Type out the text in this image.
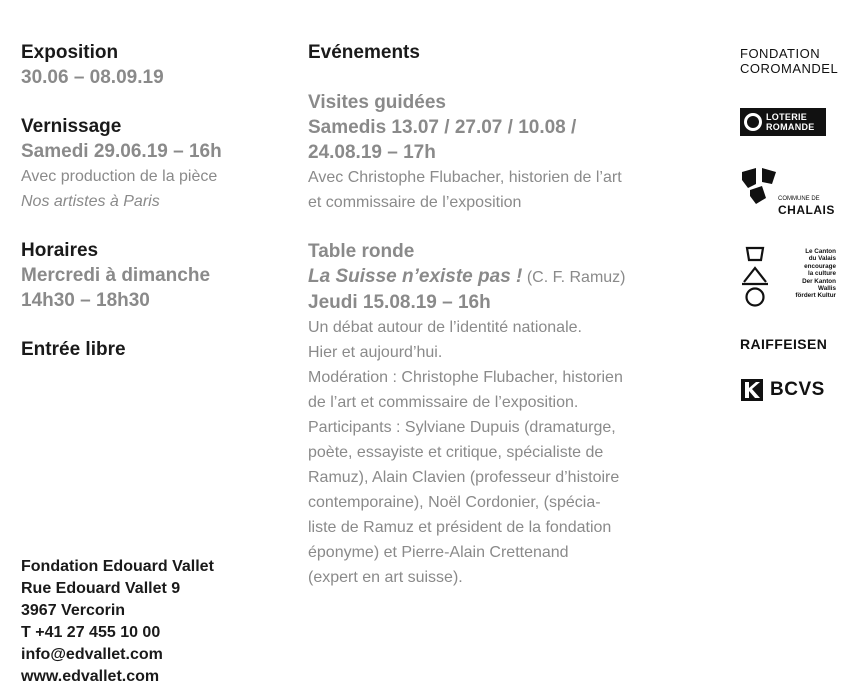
Exposition

30.06 – 08.09.19

Vernissage

Samedi 29.06.19 – 16h

Avec production de la pièce

Nos artistes à Paris

Horaires

Mercredi à dimanche

14h30 – 18h30

Entrée libre

Fondation Edouard Vallet
Rue Edouard Vallet 9
3967 Vercorin
T +41 27 455 10 00
info@edvallet.com
www.edvallet.com

Evénements

Visites guidées

Samedis 13.07 / 27.07 / 10.08 /

24.08.19 – 17h

Avec Christophe Flubacher, historien de l’art

et commissaire de l’exposition

Table ronde

La Suisse n’existe pas ! (C. F. Ramuz)

Jeudi 15.08.19 – 16h

Un débat autour de l’identité nationale.

Hier et aujourd’hui.

Modération : Christophe Flubacher, historien

de l’art et commissaire de l’exposition.

Participants : Sylviane Dupuis (dramaturge,

poète, essayiste et critique, spécialiste de

Ramuz), Alain Clavien (professeur d’histoire

contemporaine), Noël Cordonier, (spécia-

liste de Ramuz et président de la fondation

éponyme) et Pierre-Alain Crettenand

(expert en art suisse).

FONDATION
COROMANDEL
LOTERIE
ROMANDE
COMMUNE DE
CHALAIS
Le Canton
du Valais
encourage
la culture
Der Kanton
Wallis
fördert Kultur
RAIFFEISEN
BCVS
